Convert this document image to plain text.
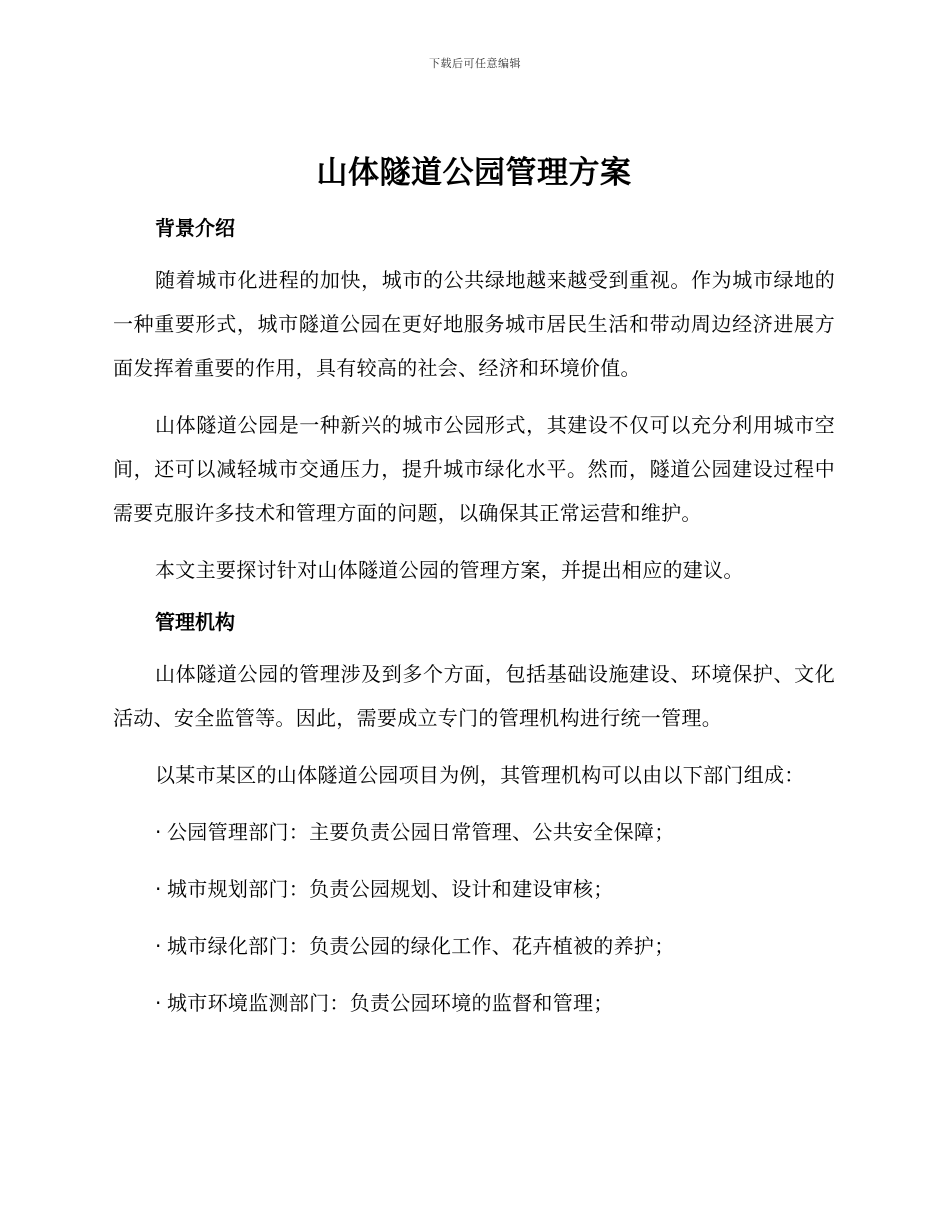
下载后可任意编辑
山体隧道公园管理方案
背景介绍

随着城市化进程的加快，城市的公共绿地越来越受到重视。作为城市绿地的一种重要形式，城市隧道公园在更好地服务城市居民生活和带动周边经济进展方面发挥着重要的作用，具有较高的社会、经济和环境价值。

山体隧道公园是一种新兴的城市公园形式，其建设不仅可以充分利用城市空间，还可以减轻城市交通压力，提升城市绿化水平。然而，隧道公园建设过程中需要克服许多技术和管理方面的问题，以确保其正常运营和维护。

本文主要探讨针对山体隧道公园的管理方案，并提出相应的建议。

管理机构

山体隧道公园的管理涉及到多个方面，包括基础设施建设、环境保护、文化活动、安全监管等。因此，需要成立专门的管理机构进行统一管理。

以某市某区的山体隧道公园项目为例，其管理机构可以由以下部门组成：

· 公园管理部门：主要负责公园日常管理、公共安全保障；
· 城市规划部门：负责公园规划、设计和建设审核；
· 城市绿化部门：负责公园的绿化工作、花卉植被的养护；
· 城市环境监测部门：负责公园环境的监督和管理；
